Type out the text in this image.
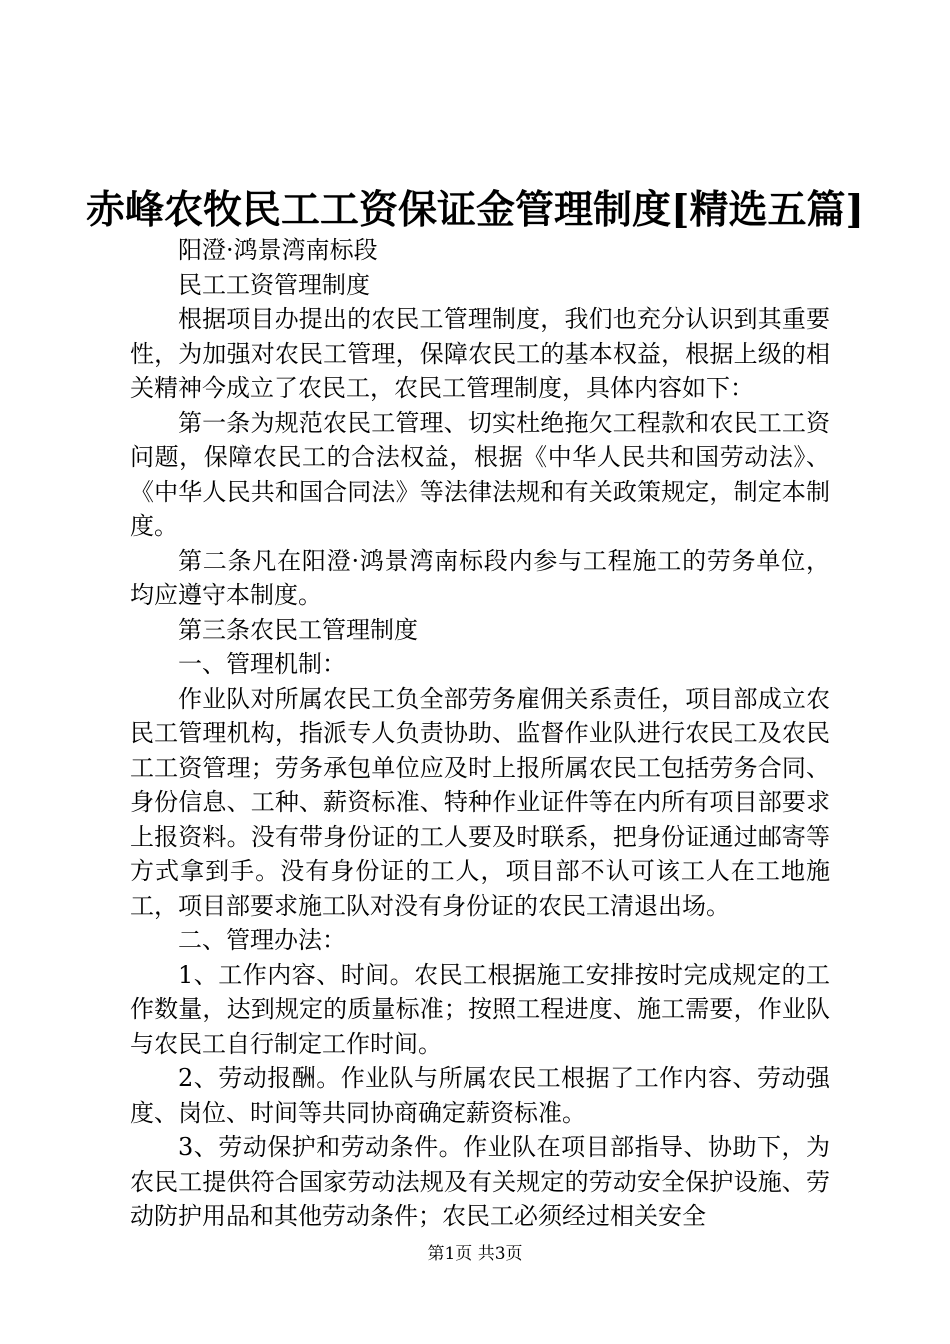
赤峰农牧民工工资保证金管理制度[精选五篇]

阳澄·鸿景湾南标段

民工工资管理制度

根据项目办提出的农民工管理制度，我们也充分认识到其重要性，为加强对农民工管理，保障农民工的基本权益，根据上级的相关精神今成立了农民工，农民工管理制度，具体内容如下：

第一条为规范农民工管理、切实杜绝拖欠工程款和农民工工资问题，保障农民工的合法权益，根据《中华人民共和国劳动法》、《中华人民共和国合同法》等法律法规和有关政策规定，制定本制度。

第二条凡在阳澄·鸿景湾南标段内参与工程施工的劳务单位，均应遵守本制度。

第三条农民工管理制度

一、管理机制：

作业队对所属农民工负全部劳务雇佣关系责任，项目部成立农民工管理机构，指派专人负责协助、监督作业队进行农民工及农民工工资管理；劳务承包单位应及时上报所属农民工包括劳务合同、身份信息、工种、薪资标准、特种作业证件等在内所有项目部要求上报资料。没有带身份证的工人要及时联系，把身份证通过邮寄等方式拿到手。没有身份证的工人，项目部不认可该工人在工地施工，项目部要求施工队对没有身份证的农民工清退出场。

二、管理办法：

1、工作内容、时间。农民工根据施工安排按时完成规定的工作数量，达到规定的质量标准；按照工程进度、施工需要，作业队与农民工自行制定工作时间。

2、劳动报酬。作业队与所属农民工根据了工作内容、劳动强度、岗位、时间等共同协商确定薪资标准。

3、劳动保护和劳动条件。作业队在项目部指导、协助下，为农民工提供符合国家劳动法规及有关规定的劳动安全保护设施、劳动防护用品和其他劳动条件；农民工必须经过相关安全

第1页 共3页
